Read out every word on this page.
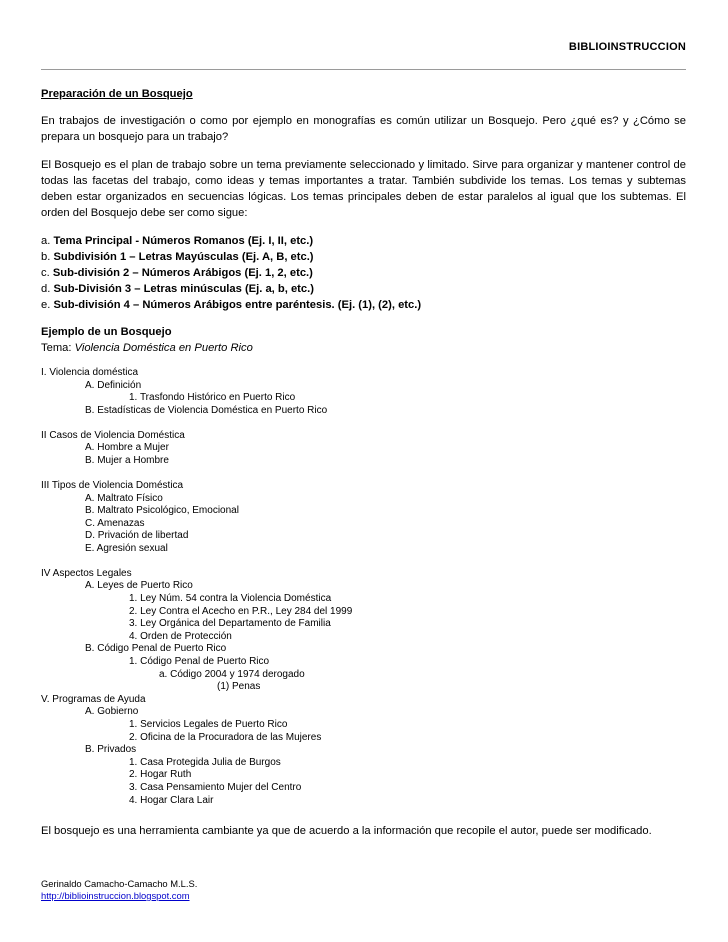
BIBLIOINSTRUCCION
Preparación de un Bosquejo
En trabajos de investigación o como por ejemplo en monografías es común utilizar un Bosquejo. Pero ¿qué es? y ¿Cómo se prepara un bosquejo para un trabajo?
El Bosquejo es el plan de trabajo sobre un tema previamente seleccionado y limitado. Sirve para organizar y mantener control de todas las facetas del trabajo, como ideas y temas importantes a tratar. También subdivide los temas. Los temas y subtemas deben estar organizados en secuencias lógicas. Los temas principales deben de estar paralelos al igual que los subtemas. El orden del Bosquejo debe ser como sigue:
a. Tema Principal - Números Romanos (Ej. I, II, etc.)
b. Subdivisión 1 – Letras Mayúsculas (Ej. A, B, etc.)
c. Sub-división 2 – Números Arábigos (Ej. 1, 2, etc.)
d. Sub-División 3 – Letras minúsculas (Ej. a, b, etc.)
e. Sub-división 4 – Números Arábigos entre paréntesis. (Ej. (1), (2), etc.)
Ejemplo de un Bosquejo
Tema: Violencia Doméstica en Puerto Rico
I. Violencia doméstica
A. Definición
1. Trasfondo Histórico en Puerto Rico
B. Estadísticas de Violencia Doméstica en Puerto Rico
II Casos de Violencia Doméstica
A. Hombre a Mujer
B. Mujer a Hombre
III Tipos de Violencia Doméstica
A. Maltrato Físico
B. Maltrato Psicológico, Emocional
C. Amenazas
D. Privación de libertad
E. Agresión sexual
IV Aspectos Legales
A. Leyes de Puerto Rico
1. Ley Núm. 54 contra la Violencia Doméstica
2. Ley Contra el Acecho en P.R., Ley 284 del 1999
3. Ley Orgánica del Departamento de Familia
4. Orden de Protección
B. Código Penal de Puerto Rico
1. Código Penal de Puerto Rico
a. Código 2004 y 1974 derogado
(1) Penas
V. Programas de Ayuda
A. Gobierno
1. Servicios Legales de Puerto Rico
2. Oficina de la Procuradora de las Mujeres
B. Privados
1. Casa Protegida Julia de Burgos
2. Hogar Ruth
3. Casa Pensamiento Mujer del Centro
4. Hogar Clara Lair
El bosquejo es una herramienta cambiante ya que de acuerdo a la información que recopile el autor, puede ser modificado.
Gerinaldo Camacho-Camacho M.L.S.
http://biblioinstruccion.blogspot.com
